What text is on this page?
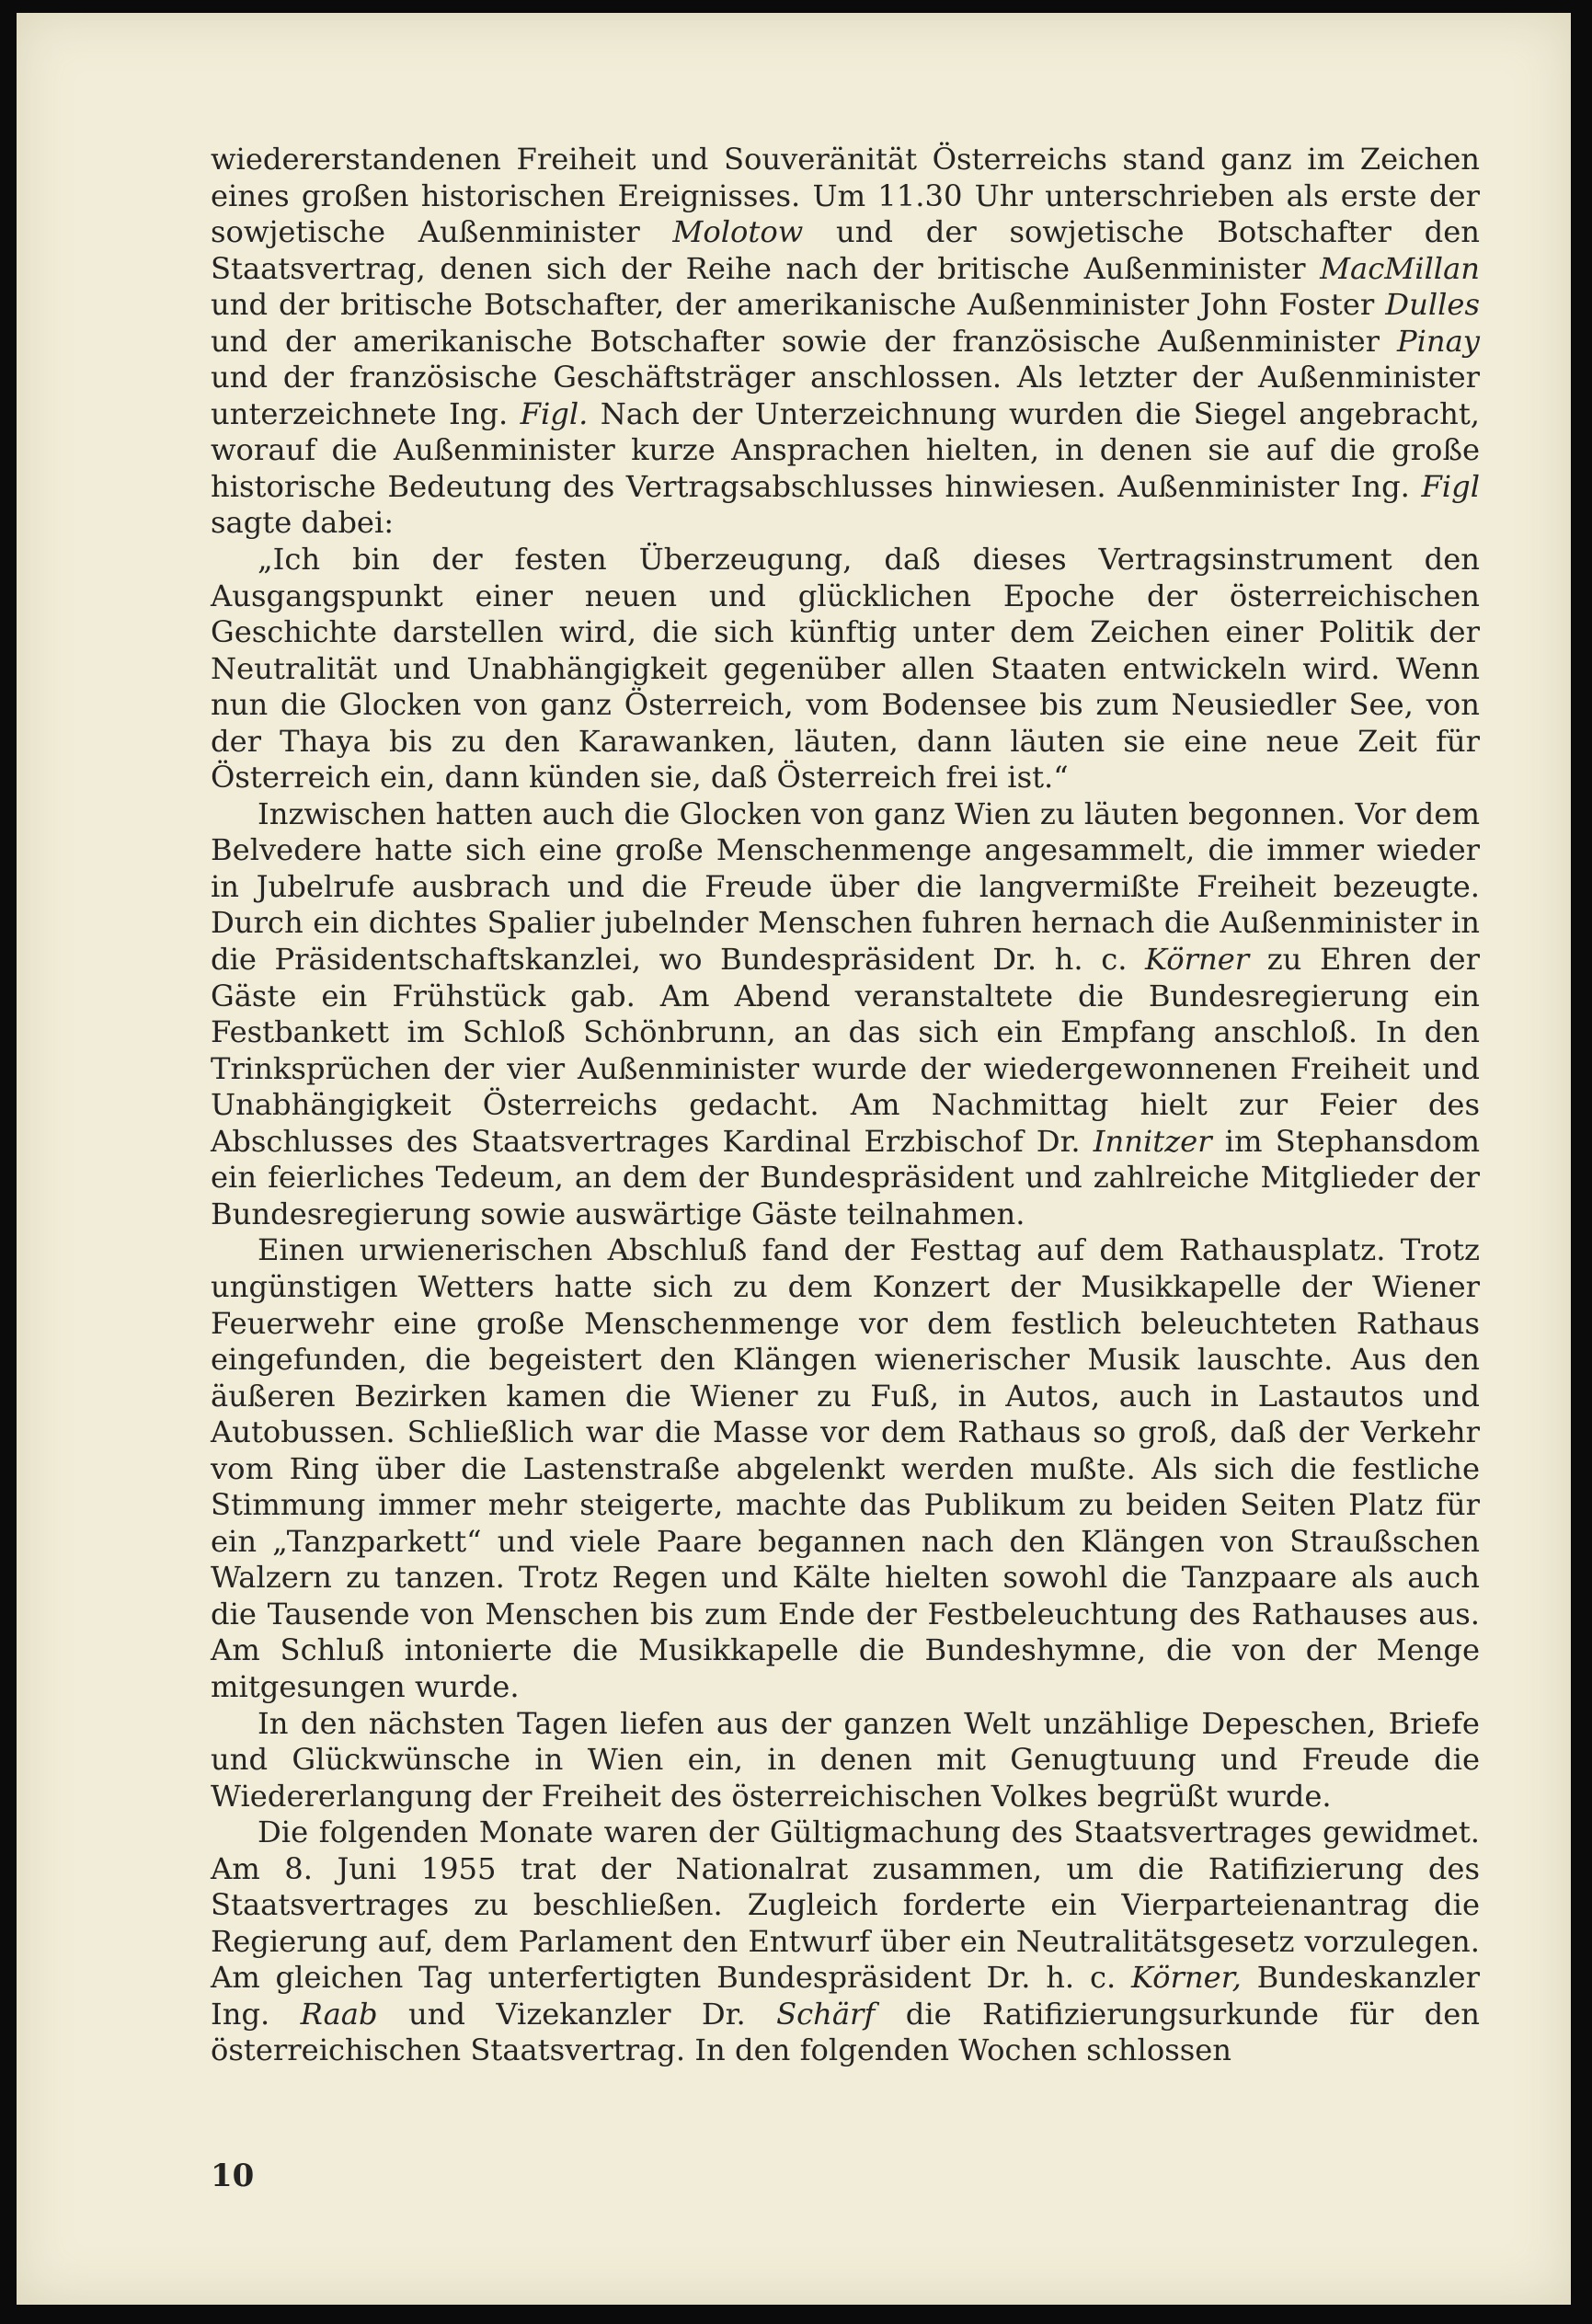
wiedererstandenen Freiheit und Souveränität Österreichs stand ganz im Zeichen eines großen historischen Ereignisses. Um 11.30 Uhr unterschrieben als erste der sowjetische Außenminister Molotow und der sowjetische Botschafter den Staatsvertrag, denen sich der Reihe nach der britische Außenminister MacMillan und der britische Botschafter, der amerikanische Außenminister John Foster Dulles und der amerikanische Botschafter sowie der französische Außenminister Pinay und der französische Geschäftsträger anschlossen. Als letzter der Außenminister unterzeichnete Ing. Figl. Nach der Unterzeichnung wurden die Siegel angebracht, worauf die Außenminister kurze Ansprachen hielten, in denen sie auf die große historische Bedeutung des Vertragsabschlusses hinwiesen. Außenminister Ing. Figl sagte dabei:

„Ich bin der festen Überzeugung, daß dieses Vertragsinstrument den Ausgangspunkt einer neuen und glücklichen Epoche der österreichischen Geschichte darstellen wird, die sich künftig unter dem Zeichen einer Politik der Neutralität und Unabhängigkeit gegenüber allen Staaten entwickeln wird. Wenn nun die Glocken von ganz Österreich, vom Bodensee bis zum Neusiedler See, von der Thaya bis zu den Karawanken, läuten, dann läuten sie eine neue Zeit für Österreich ein, dann künden sie, daß Österreich frei ist.“

Inzwischen hatten auch die Glocken von ganz Wien zu läuten begonnen. Vor dem Belvedere hatte sich eine große Menschenmenge angesammelt, die immer wieder in Jubelrufe ausbrach und die Freude über die langvermißte Freiheit bezeugte. Durch ein dichtes Spalier jubelnder Menschen fuhren hernach die Außenminister in die Präsidentschaftskanzlei, wo Bundespräsident Dr. h. c. Körner zu Ehren der Gäste ein Frühstück gab. Am Abend veranstaltete die Bundesregierung ein Festbankett im Schloß Schönbrunn, an das sich ein Empfang anschloß. In den Trinksprüchen der vier Außenminister wurde der wiedergewonnenen Freiheit und Unabhängigkeit Österreichs gedacht. Am Nachmittag hielt zur Feier des Abschlusses des Staatsvertrages Kardinal Erzbischof Dr. Innitzer im Stephansdom ein feierliches Tedeum, an dem der Bundespräsident und zahlreiche Mitglieder der Bundesregierung sowie auswärtige Gäste teilnahmen.

Einen urwienerischen Abschluß fand der Festtag auf dem Rathausplatz. Trotz ungünstigen Wetters hatte sich zu dem Konzert der Musikkapelle der Wiener Feuerwehr eine große Menschenmenge vor dem festlich beleuchteten Rathaus eingefunden, die begeistert den Klängen wienerischer Musik lauschte. Aus den äußeren Bezirken kamen die Wiener zu Fuß, in Autos, auch in Lastautos und Autobussen. Schließlich war die Masse vor dem Rathaus so groß, daß der Verkehr vom Ring über die Lastenstraße abgelenkt werden mußte. Als sich die festliche Stimmung immer mehr steigerte, machte das Publikum zu beiden Seiten Platz für ein „Tanzparkett“ und viele Paare begannen nach den Klängen von Straußschen Walzern zu tanzen. Trotz Regen und Kälte hielten sowohl die Tanzpaare als auch die Tausende von Menschen bis zum Ende der Festbeleuchtung des Rathauses aus. Am Schluß intonierte die Musikkapelle die Bundeshymne, die von der Menge mitgesungen wurde.

In den nächsten Tagen liefen aus der ganzen Welt unzählige Depeschen, Briefe und Glückwünsche in Wien ein, in denen mit Genugtuung und Freude die Wiedererlangung der Freiheit des österreichischen Volkes begrüßt wurde.

Die folgenden Monate waren der Gültigmachung des Staatsvertrages gewidmet. Am 8. Juni 1955 trat der Nationalrat zusammen, um die Ratifizierung des Staatsvertrages zu beschließen. Zugleich forderte ein Vierparteienantrag die Regierung auf, dem Parlament den Entwurf über ein Neutralitätsgesetz vorzulegen. Am gleichen Tag unterfertigten Bundespräsident Dr. h. c. Körner, Bundeskanzler Ing. Raab und Vizekanzler Dr. Schärf die Ratifizierungsurkunde für den österreichischen Staatsvertrag. In den folgenden Wochen schlossen

10
